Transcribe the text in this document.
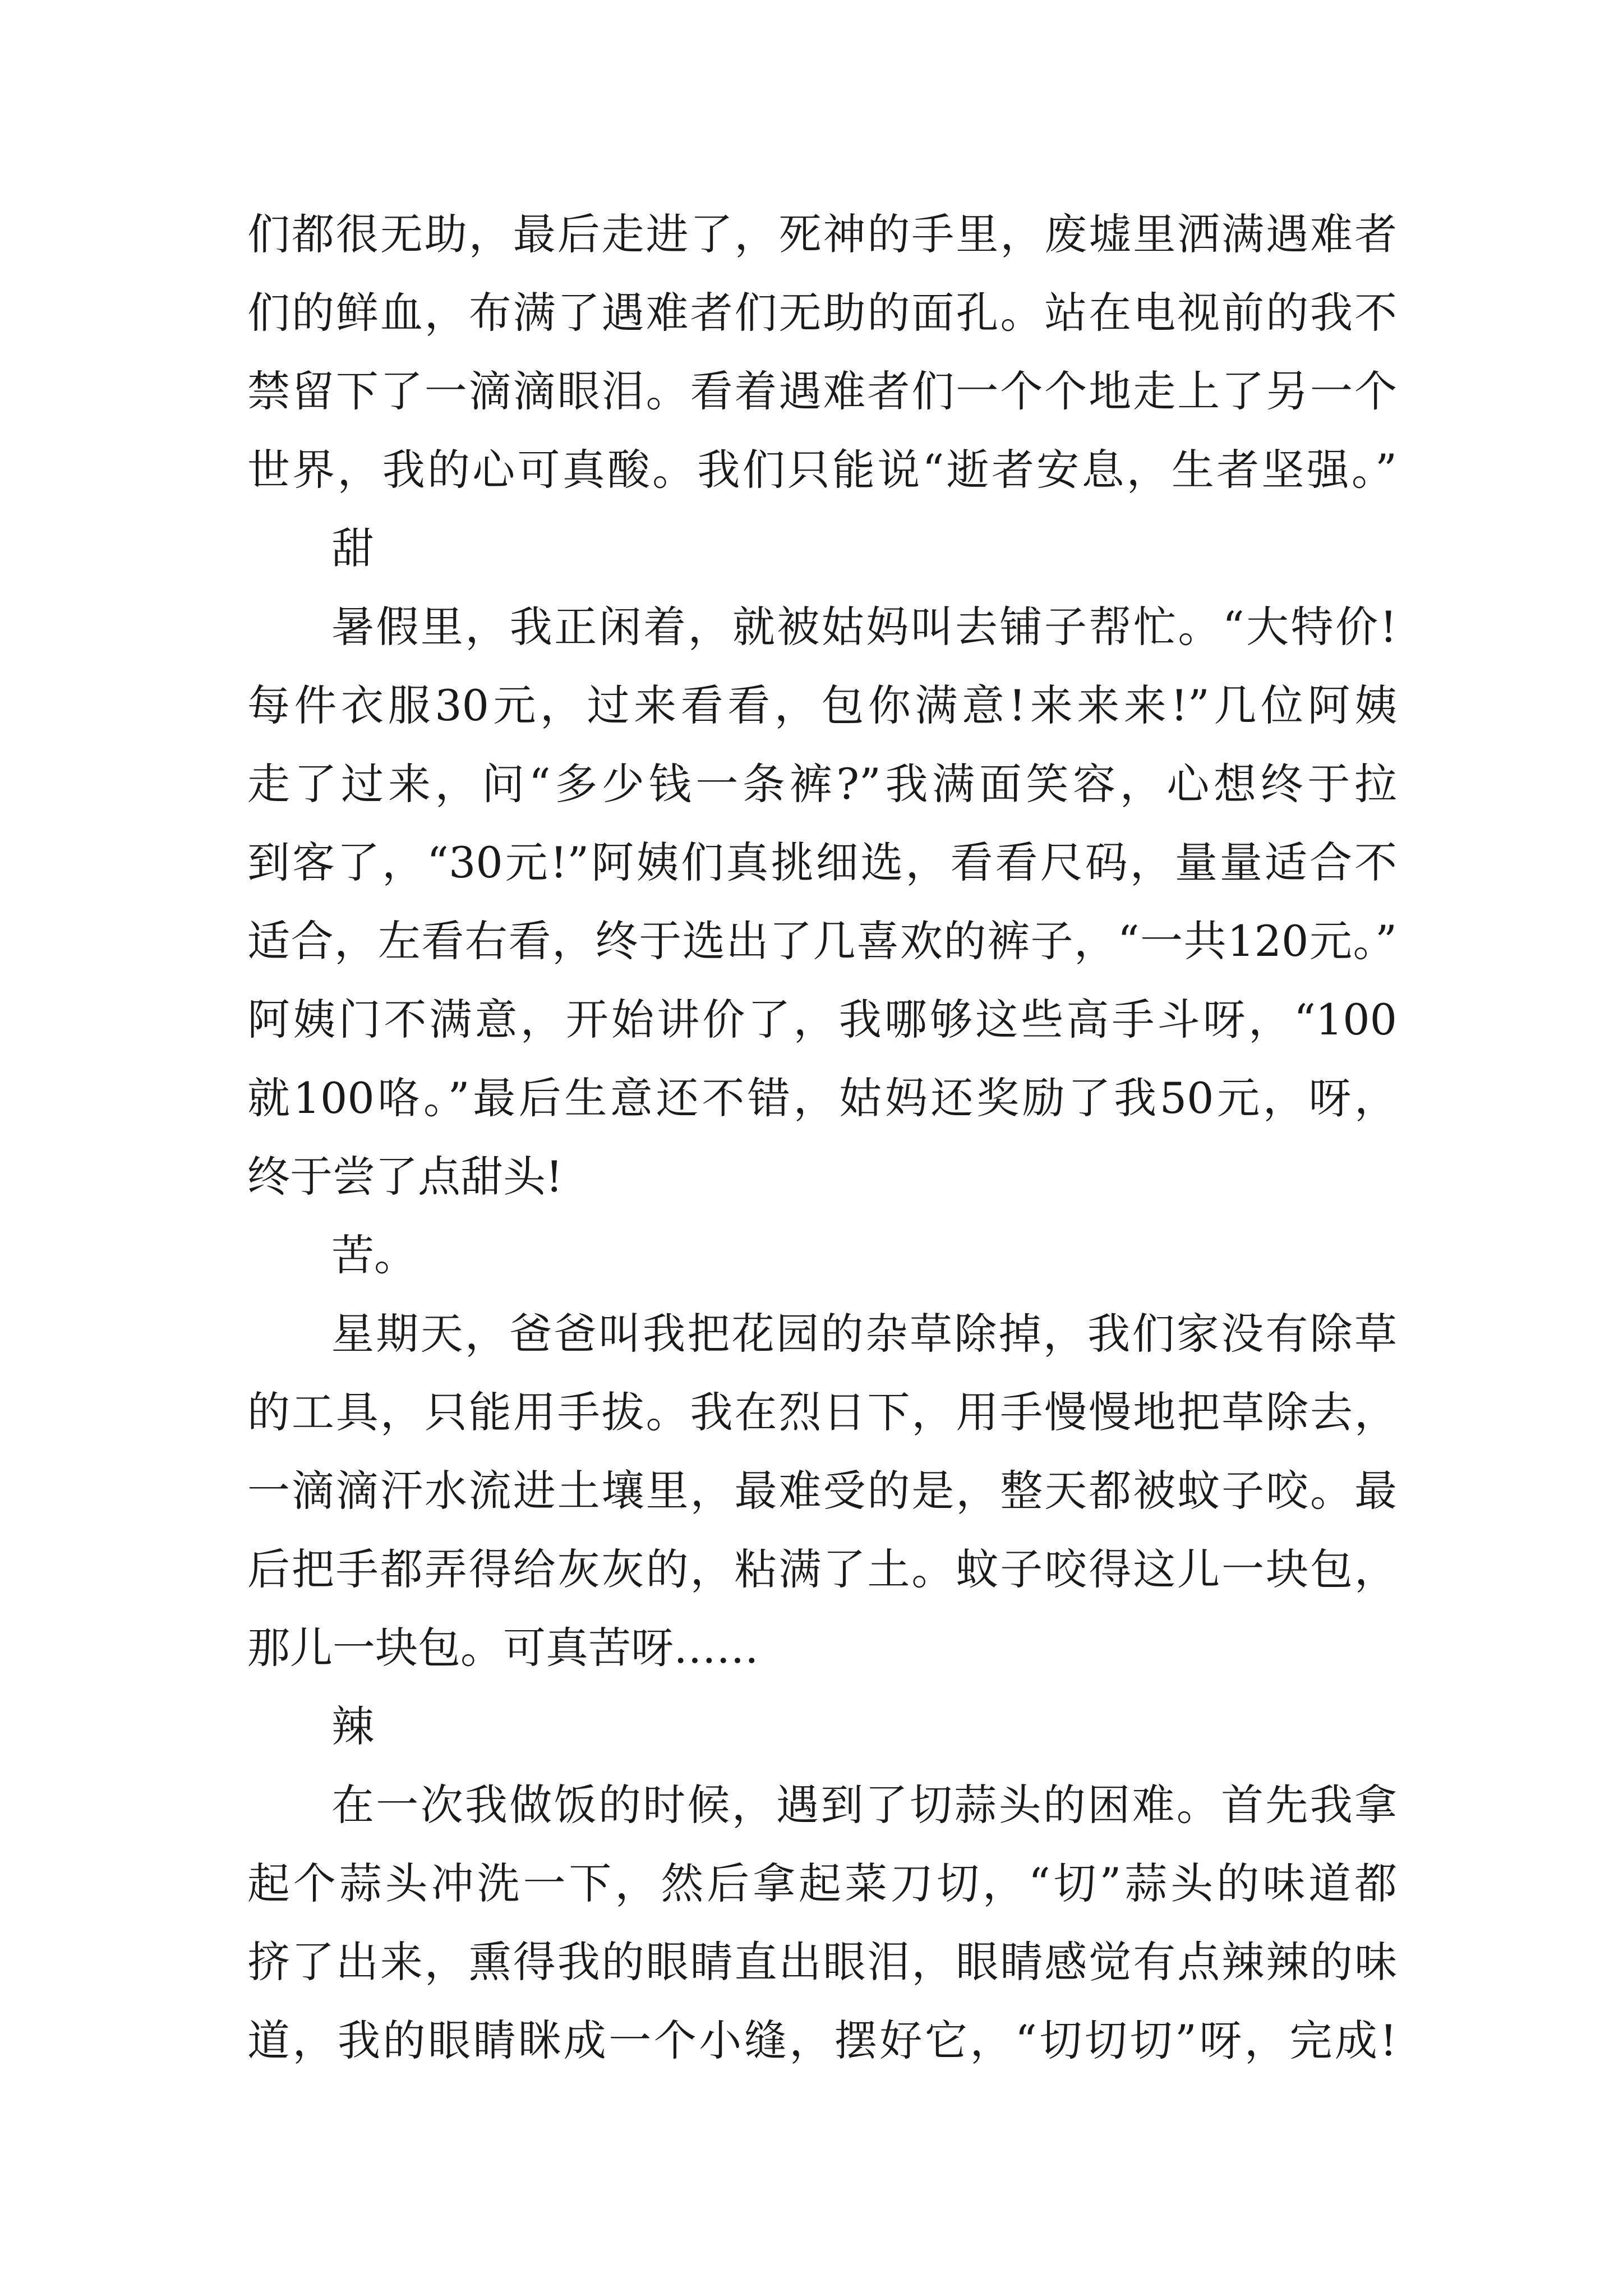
们都很无助，最后走进了，死神的手里，废墟里洒满遇难者
们的鲜血，布满了遇难者们无助的面孔。站在电视前的我不
禁留下了一滴滴眼泪。看着遇难者们一个个地走上了另一个
世界，我的心可真酸。我们只能说“逝者安息，生者坚强。”
甜
暑假里，我正闲着，就被姑妈叫去铺子帮忙。“大特价!
每件衣服30元，过来看看，包你满意!来来来!”几位阿姨
走了过来，问“多少钱一条裤?”我满面笑容，心想终于拉
到客了，“30元!”阿姨们真挑细选，看看尺码，量量适合不
适合，左看右看，终于选出了几喜欢的裤子，“一共120元。”
阿姨门不满意，开始讲价了，我哪够这些高手斗呀，“100
就100咯。”最后生意还不错，姑妈还奖励了我50元，呀，
终于尝了点甜头!
苦。
星期天，爸爸叫我把花园的杂草除掉，我们家没有除草
的工具，只能用手拔。我在烈日下，用手慢慢地把草除去，
一滴滴汗水流进土壤里，最难受的是，整天都被蚊子咬。最
后把手都弄得给灰灰的，粘满了土。蚊子咬得这儿一块包，
那儿一块包。可真苦呀……
辣
在一次我做饭的时候，遇到了切蒜头的困难。首先我拿
起个蒜头冲洗一下，然后拿起菜刀切，“切”蒜头的味道都
挤了出来，熏得我的眼睛直出眼泪，眼睛感觉有点辣辣的味
道，我的眼睛眯成一个小缝，摆好它，“切切切”呀，完成!
